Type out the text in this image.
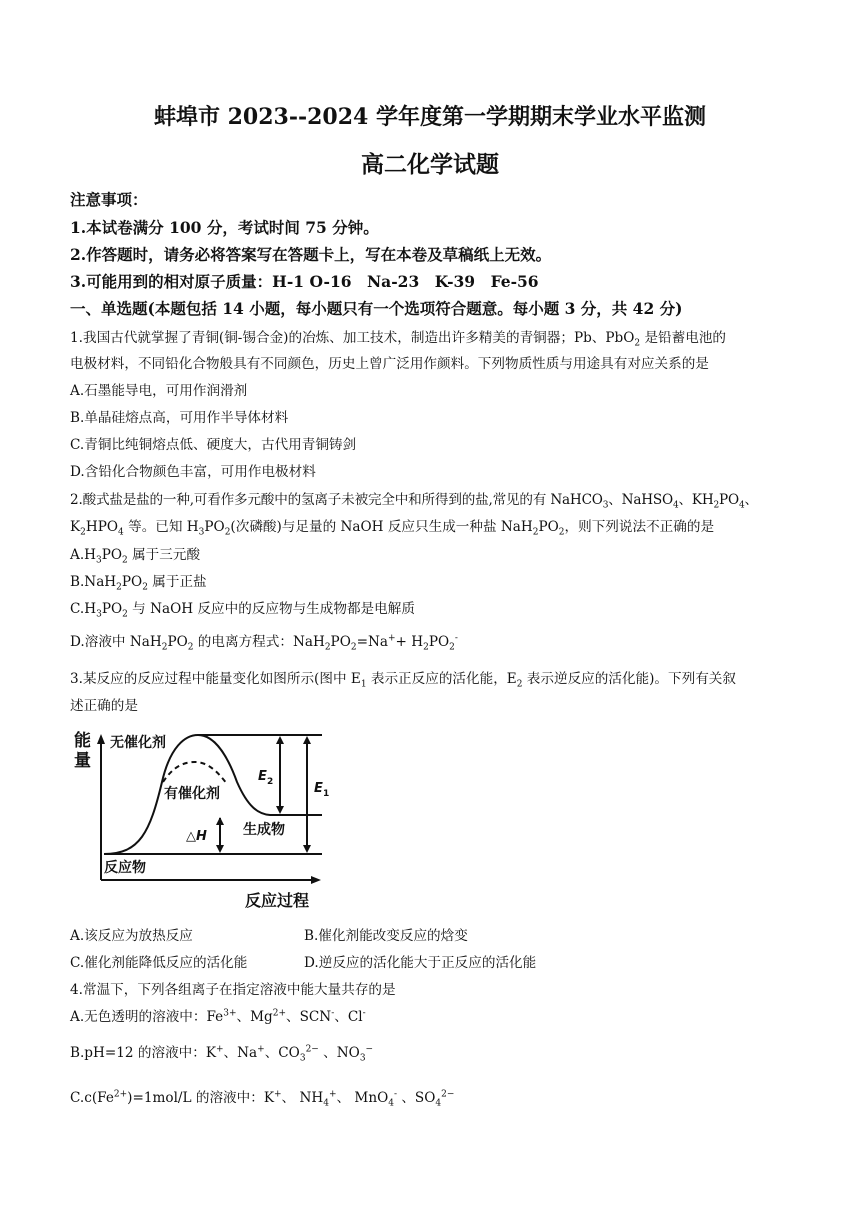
蚌埠市 2023--2024 学年度第一学期期末学业水平监测
高二化学试题
注意事项：
1.本试卷满分 100 分，考试时间 75 分钟。
2.作答题时，请务必将答案写在答题卡上，写在本卷及草稿纸上无效。
3.可能用到的相对原子质量：H-1 O-16　Na-23　K-39　Fe-56
一、单选题(本题包括 14 小题，每小题只有一个选项符合题意。每小题 3 分，共 42 分)
1.我国古代就掌握了青铜(铜-锡合金)的冶炼、加工技术，制造出许多精美的青铜器；Pb、PbO$_2$ 是铅蓄电池的
电极材料，不同铅化合物般具有不同颜色，历史上曾广泛用作颜料。下列物质性质与用途具有对应关系的是
A.石墨能导电，可用作润滑剂
B.单晶硅熔点高，可用作半导体材料
C.青铜比纯铜熔点低、硬度大，古代用青铜铸剑
D.含铅化合物颜色丰富，可用作电极材料
2.酸式盐是盐的一种,可看作多元酸中的氢离子未被完全中和所得到的盐,常见的有 NaHCO$_3$、NaHSO$_4$、$KH_2PO_4$、
$K_2HPO_4$ 等。已知 $H_3PO_2$(次磷酸)与足量的 NaOH 反应只生成一种盐 $NaH_2PO_2$，则下列说法不正确的是
$A.H_3PO_2$ 属于三元酸
$B.NaH_2PO_2$ 属于正盐
$C.H_3PO_2$ 与 NaOH 反应中的反应物与生成物都是电解质
D.溶液中 $NaH_2PO_2$ 的电离方程式：$NaH_2PO_2=Na^++ H_2PO_2^-$
3.某反应的反应过程中能量变化如图所示(图中 $E_1$ 表示正反应的活化能，$E_2$ 表示逆反应的活化能)。下列有关叙
述正确的是
能
量
无催化剂
有催化剂
生成物
反应物
反应过程
△H
E 2	E 1
A.该反应为放热反应	B.催化剂能改变反应的焓变
C.催化剂能降低反应的活化能	D.逆反应的活化能大于正反应的活化能
4.常温下，下列各组离子在指定溶液中能大量共存的是
A.无色透明的溶液中：$Fe^{3+}$、$Mg^{2+}$、SCN-、Cl-
B.pH=12 的溶液中：K+、Na+、$CO_3^{2-}$ 、$NO_3^-$
$C.c(Fe^{2+})=1mol/L$ 的溶液中：K+、 $NH_4^+$、 MnO$_4$- 、$SO_4^{2-}$
